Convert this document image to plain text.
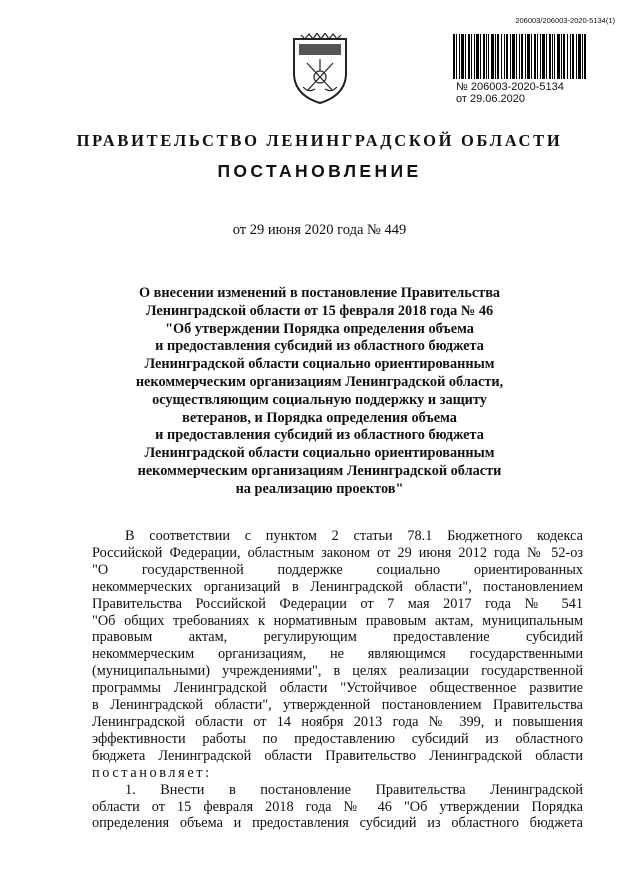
206003/206003-2020-5134(1)
№ 206003-2020-5134
от 29.06.2020
ПРАВИТЕЛЬСТВО ЛЕНИНГРАДСКОЙ ОБЛАСТИ
ПОСТАНОВЛЕНИЕ
от 29 июня 2020 года № 449
О внесении изменений в постановление Правительства
Ленинградской области от 15 февраля 2018 года № 46
"Об утверждении Порядка определения объема
и предоставления субсидий из областного бюджета
Ленинградской области социально ориентированным
некоммерческим организациям Ленинградской области,
осуществляющим социальную поддержку и защиту
ветеранов, и Порядка определения объема
и предоставления субсидий из областного бюджета
Ленинградской области социально ориентированным
некоммерческим организациям Ленинградской области
на реализацию проектов"
В соответствии с пунктом 2 статьи 78.1 Бюджетного кодекса
Российской Федерации, областным законом от 29 июня 2012 года № 52-оз
"О государственной поддержке социально ориентированных
некоммерческих организаций в Ленинградской области", постановлением
Правительства Российской Федерации от 7 мая 2017 года № 541
"Об общих требованиях к нормативным правовым актам, муниципальным
правовым актам, регулирующим предоставление субсидий
некоммерческим организациям, не являющимся государственными
(муниципальными) учреждениями", в целях реализации государственной
программы Ленинградской области "Устойчивое общественное развитие
в Ленинградской области", утвержденной постановлением Правительства
Ленинградской области от 14 ноября 2013 года № 399, и повышения
эффективности работы по предоставлению субсидий из областного
бюджета Ленинградской области Правительство Ленинградской области
постановляет:
1. Внести в постановление Правительства Ленинградской
области от 15 февраля 2018 года № 46 "Об утверждении Порядка
определения объема и предоставления субсидий из областного бюджета
